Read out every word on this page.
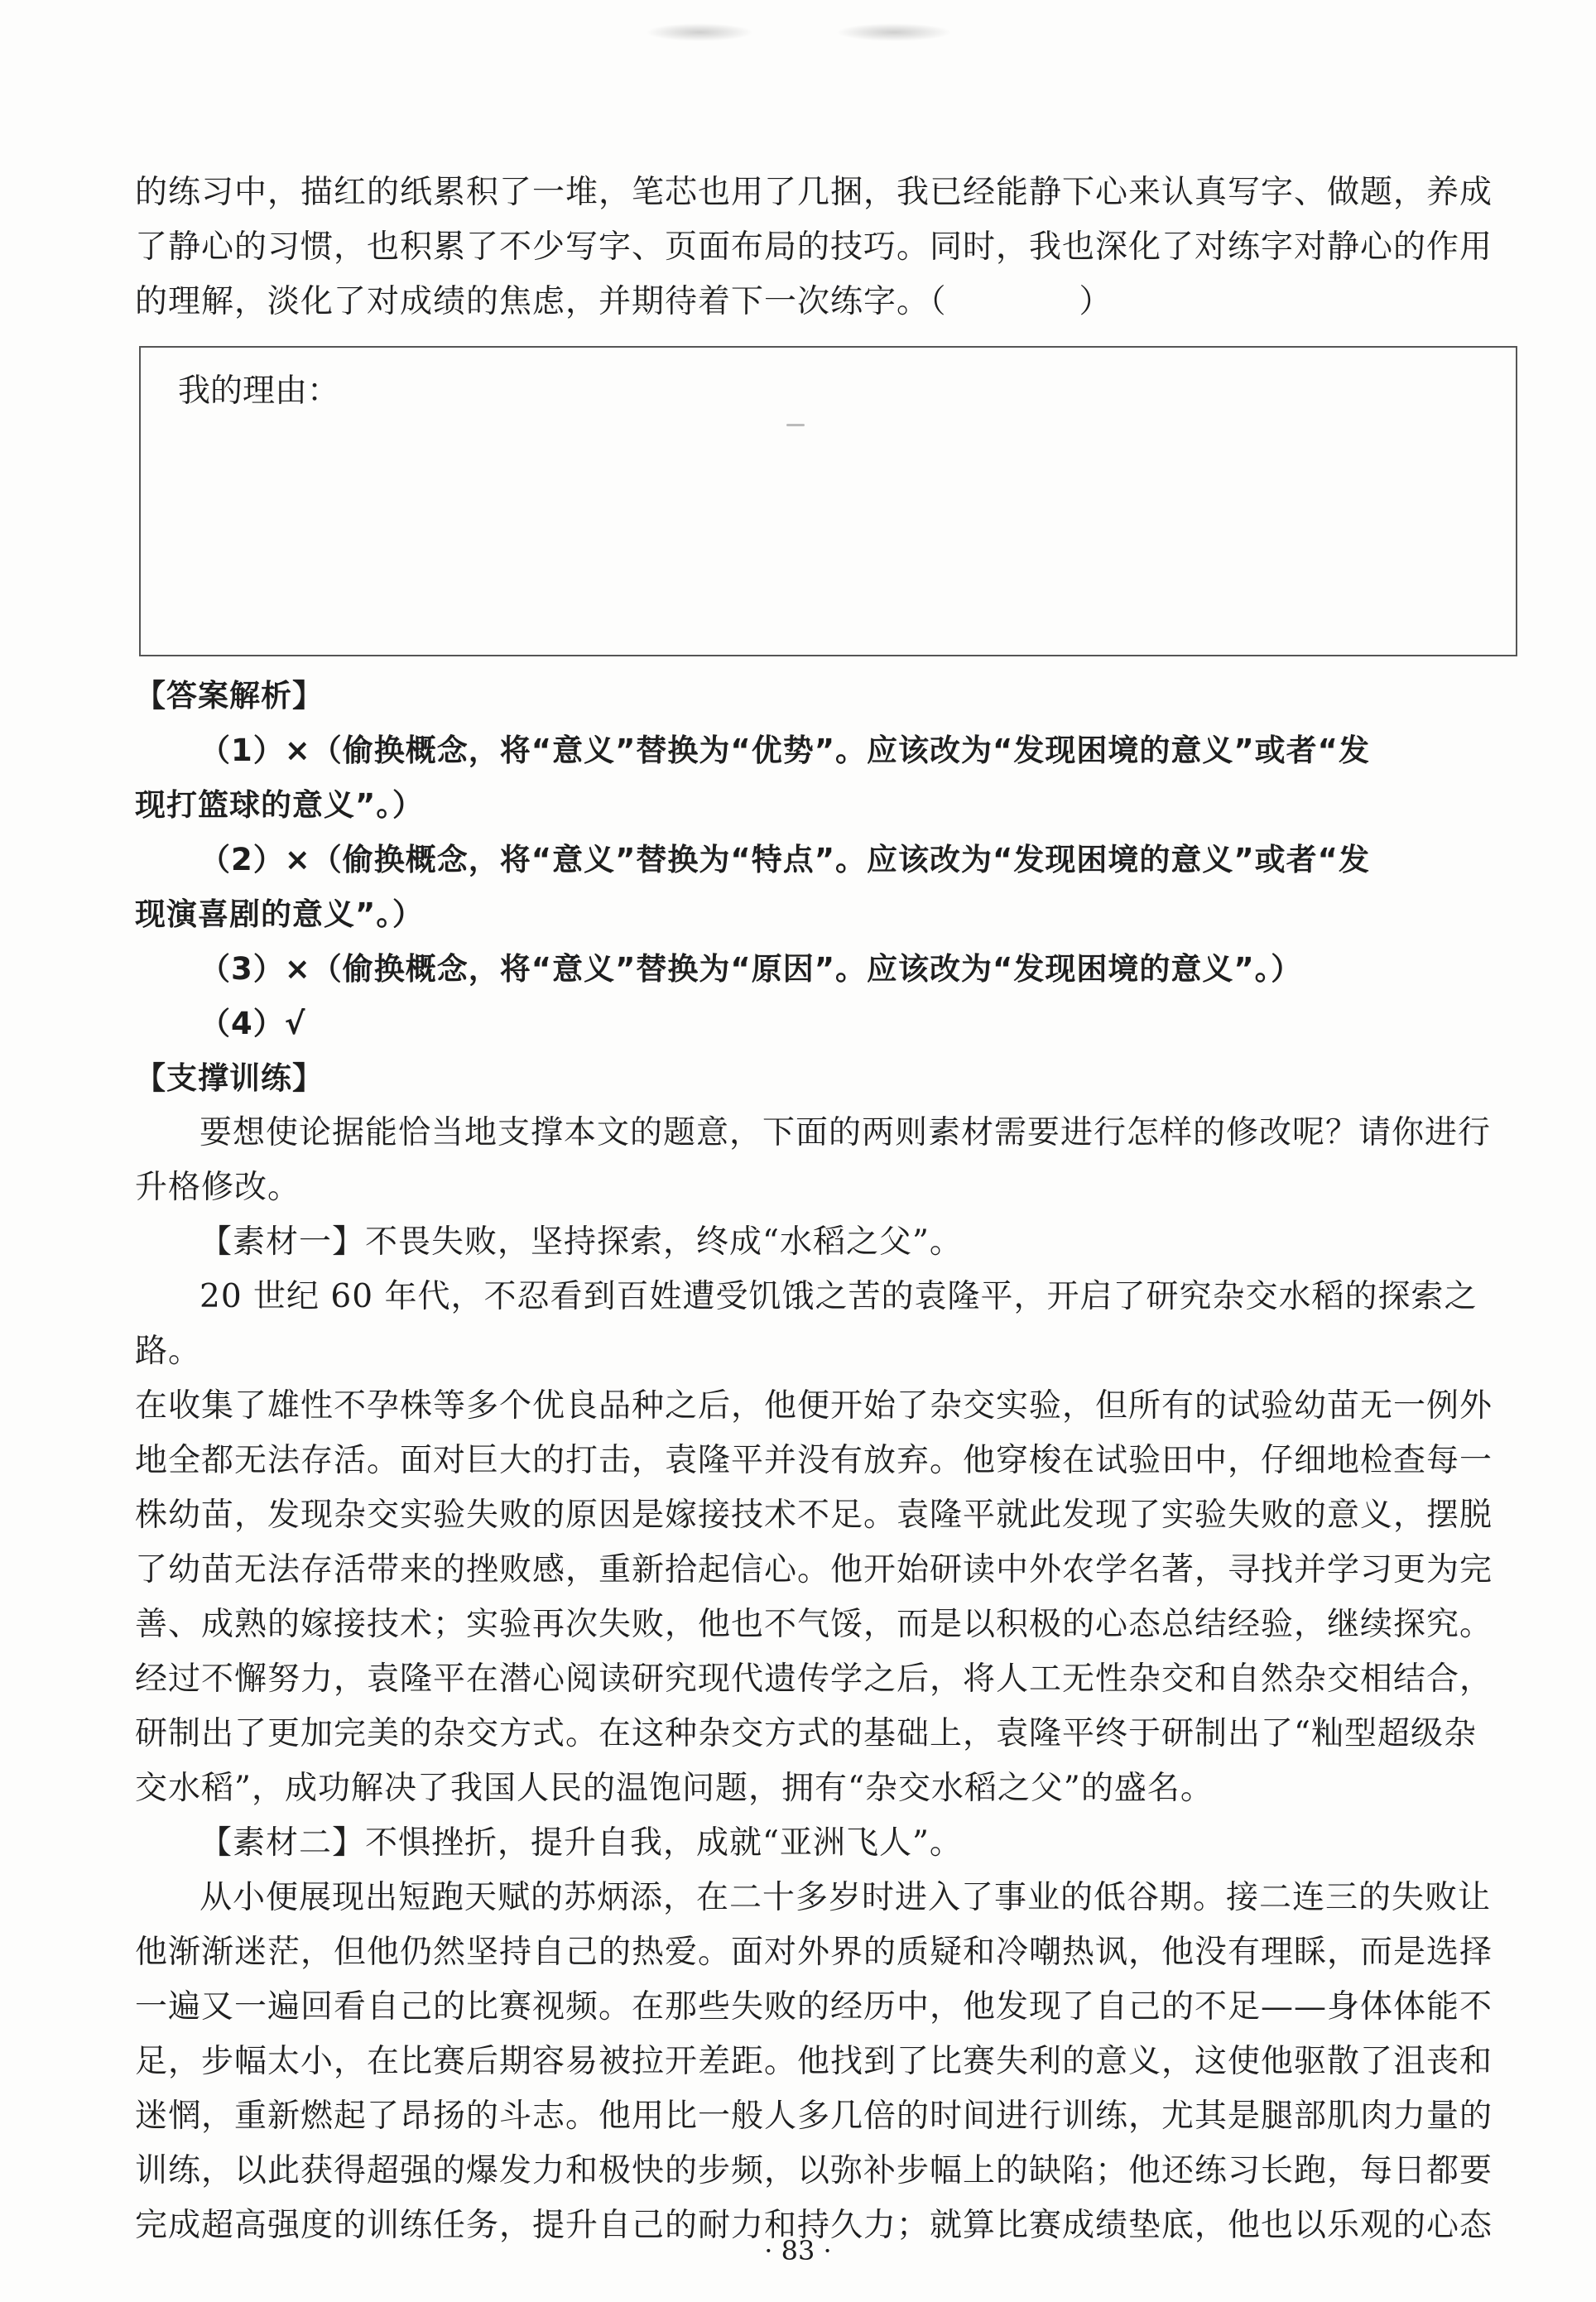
的练习中，描红的纸累积了一堆，笔芯也用了几捆，我已经能静下心来认真写字、做题，养成

了静心的习惯，也积累了不少写字、页面布局的技巧。同时，我也深化了对练字对静心的作用

的理解，淡化了对成绩的焦虑，并期待着下一次练字。（　　　　）

我的理由：

【答案解析】

（1）×（偷换概念，将“意义”替换为“优势”。应该改为“发现困境的意义”或者“发

现打篮球的意义”。）

（2）×（偷换概念，将“意义”替换为“特点”。应该改为“发现困境的意义”或者“发

现演喜剧的意义”。）

（3）×（偷换概念，将“意义”替换为“原因”。应该改为“发现困境的意义”。）

（4）√

【支撑训练】

要想使论据能恰当地支撑本文的题意，下面的两则素材需要进行怎样的修改呢？请你进行

升格修改。

【素材一】不畏失败，坚持探索，终成“水稻之父”。

20 世纪 60 年代，不忍看到百姓遭受饥饿之苦的袁隆平，开启了研究杂交水稻的探索之路。

在收集了雄性不孕株等多个优良品种之后，他便开始了杂交实验，但所有的试验幼苗无一例外

地全都无法存活。面对巨大的打击，袁隆平并没有放弃。他穿梭在试验田中，仔细地检查每一

株幼苗，发现杂交实验失败的原因是嫁接技术不足。袁隆平就此发现了实验失败的意义，摆脱

了幼苗无法存活带来的挫败感，重新拾起信心。他开始研读中外农学名著，寻找并学习更为完

善、成熟的嫁接技术；实验再次失败，他也不气馁，而是以积极的心态总结经验，继续探究。

经过不懈努力，袁隆平在潜心阅读研究现代遗传学之后，将人工无性杂交和自然杂交相结合，

研制出了更加完美的杂交方式。在这种杂交方式的基础上，袁隆平终于研制出了“籼型超级杂

交水稻”，成功解决了我国人民的温饱问题，拥有“杂交水稻之父”的盛名。

【素材二】不惧挫折，提升自我，成就“亚洲飞人”。

从小便展现出短跑天赋的苏炳添，在二十多岁时进入了事业的低谷期。接二连三的失败让

他渐渐迷茫，但他仍然坚持自己的热爱。面对外界的质疑和冷嘲热讽，他没有理睬，而是选择

一遍又一遍回看自己的比赛视频。在那些失败的经历中，他发现了自己的不足——身体体能不

足，步幅太小，在比赛后期容易被拉开差距。他找到了比赛失利的意义，这使他驱散了沮丧和

迷惘，重新燃起了昂扬的斗志。他用比一般人多几倍的时间进行训练，尤其是腿部肌肉力量的

训练，以此获得超强的爆发力和极快的步频，以弥补步幅上的缺陷；他还练习长跑，每日都要

完成超高强度的训练任务，提升自己的耐力和持久力；就算比赛成绩垫底，他也以乐观的心态

· 83 ·
